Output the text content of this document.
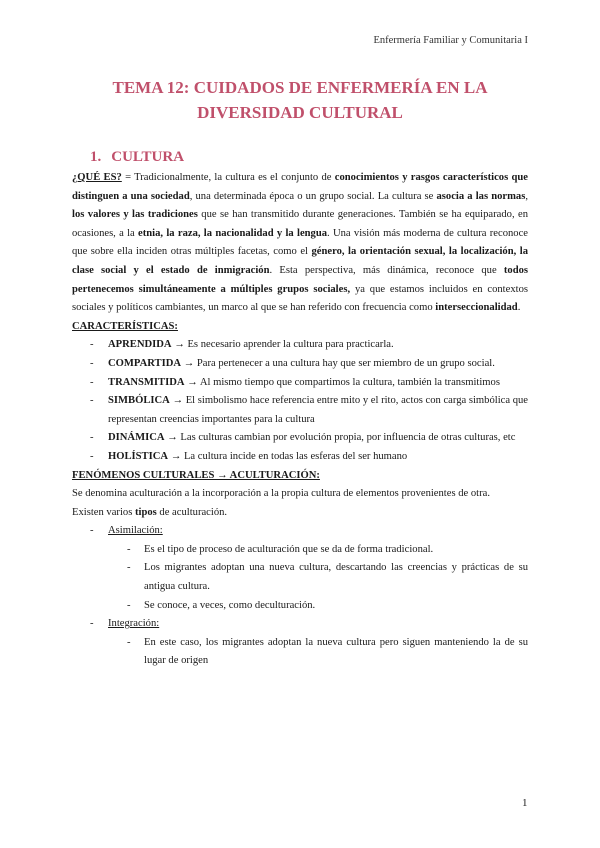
Enfermería Familiar y Comunitaria I
TEMA 12: CUIDADOS DE ENFERMERÍA EN LA
DIVERSIDAD CULTURAL
1. CULTURA
¿QUÉ ES? = Tradicionalmente, la cultura es el conjunto de conocimientos y rasgos característicos que distinguen a una sociedad, una determinada época o un grupo social. La cultura se asocia a las normas, los valores y las tradiciones que se han transmitido durante generaciones. También se ha equiparado, en ocasiones, a la etnia, la raza, la nacionalidad y la lengua. Una visión más moderna de cultura reconoce que sobre ella inciden otras múltiples facetas, como el género, la orientación sexual, la localización, la clase social y el estado de inmigración. Esta perspectiva, más dinámica, reconoce que todos pertenecemos simultáneamente a múltiples grupos sociales, ya que estamos incluidos en contextos sociales y políticos cambiantes, un marco al que se han referido con frecuencia como interseccionalidad.
CARACTERÍSTICAS:
- APRENDIDA → Es necesario aprender la cultura para practicarla.
- COMPARTIDA → Para pertenecer a una cultura hay que ser miembro de un grupo social.
- TRANSMITIDA → Al mismo tiempo que compartimos la cultura, también la transmitimos
- SIMBÓLICA → El simbolismo hace referencia entre mito y el rito, actos con carga simbólica que representan creencias importantes para la cultura
- DINÁMICA → Las culturas cambian por evolución propia, por influencia de otras culturas, etc
- HOLÍSTICA → La cultura incide en todas las esferas del ser humano
FENÓMENOS CULTURALES → ACULTURACIÓN:
Se denomina aculturación a la incorporación a la propia cultura de elementos provenientes de otra.
Existen varios tipos de aculturación.
- Asimilación:
- Es el tipo de proceso de aculturación que se da de forma tradicional.
- Los migrantes adoptan una nueva cultura, descartando las creencias y prácticas de su antigua cultura.
- Se conoce, a veces, como deculturación.
- Integración:
- En este caso, los migrantes adoptan la nueva cultura pero siguen manteniendo la de su lugar de origen
1
